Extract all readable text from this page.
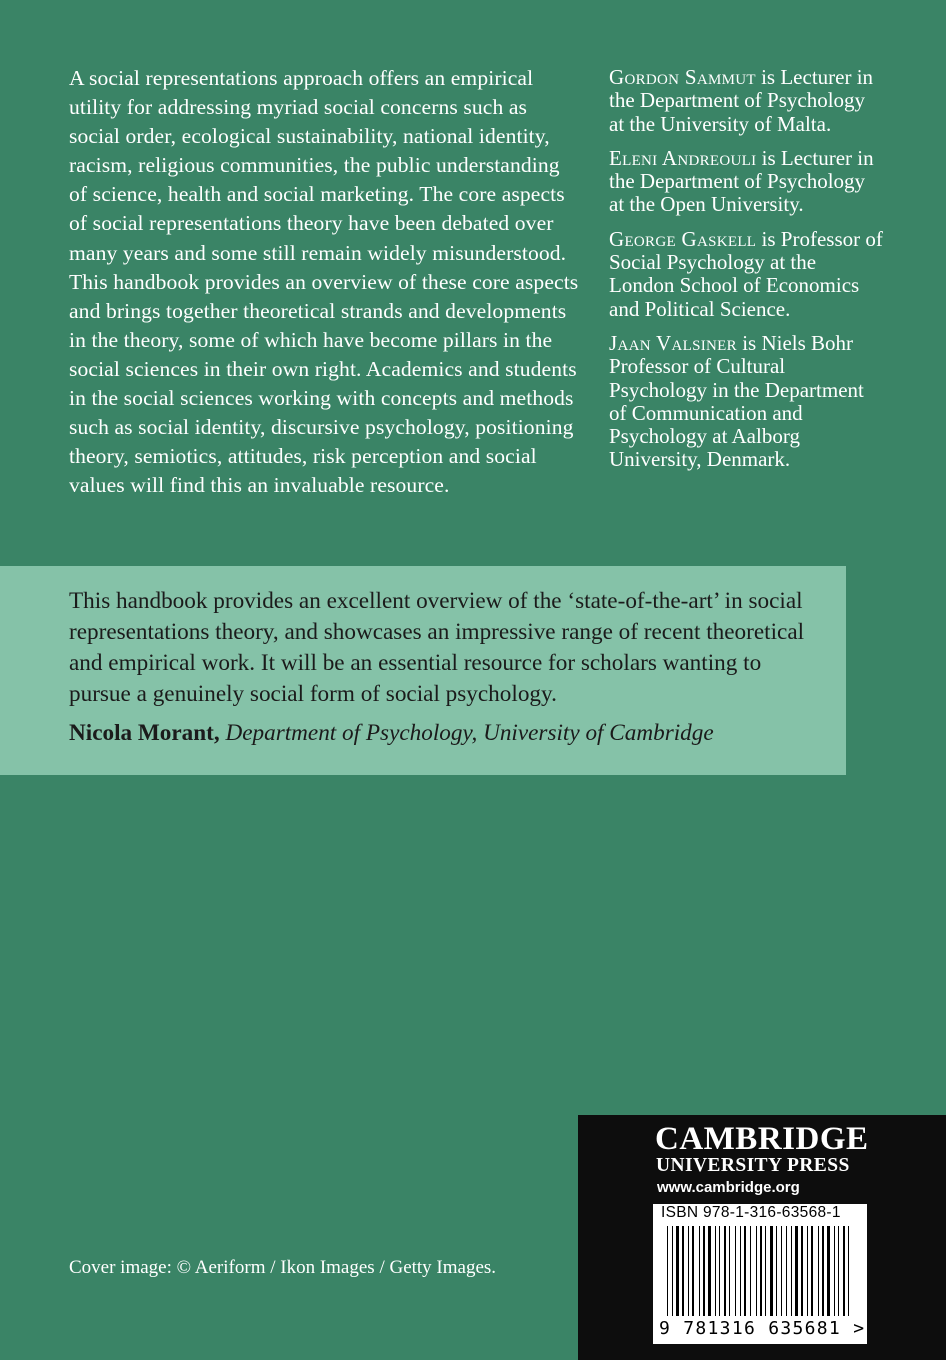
A social representations approach offers an empirical utility for addressing myriad social concerns such as social order, ecological sustainability, national identity, racism, religious communities, the public understanding of science, health and social marketing. The core aspects of social representations theory have been debated over many years and some still remain widely misunderstood. This handbook provides an overview of these core aspects and brings together theoretical strands and developments in the theory, some of which have become pillars in the social sciences in their own right. Academics and students in the social sciences working with concepts and methods such as social identity, discursive psychology, positioning theory, semiotics, attitudes, risk perception and social values will find this an invaluable resource.

Gordon Sammut is Lecturer in the Department of Psychology at the University of Malta.

Eleni Andreouli is Lecturer in the Department of Psychology at the Open University.

George Gaskell is Professor of Social Psychology at the London School of Economics and Political Science.

Jaan Valsiner is Niels Bohr Professor of Cultural Psychology in the Department of Communication and Psychology at Aalborg University, Denmark.

This handbook provides an excellent overview of the ‘state-of-the-art’ in social representations theory, and showcases an impressive range of recent theoretical and empirical work. It will be an essential resource for scholars wanting to pursue a genuinely social form of social psychology.

Nicola Morant, Department of Psychology, University of Cambridge

Cover image: © Aeriform / Ikon Images / Getty Images.
CAMBRIDGE
UNIVERSITY PRESS
www.cambridge.org
ISBN 978-1-316-63568-1
9 781316 635681 >
